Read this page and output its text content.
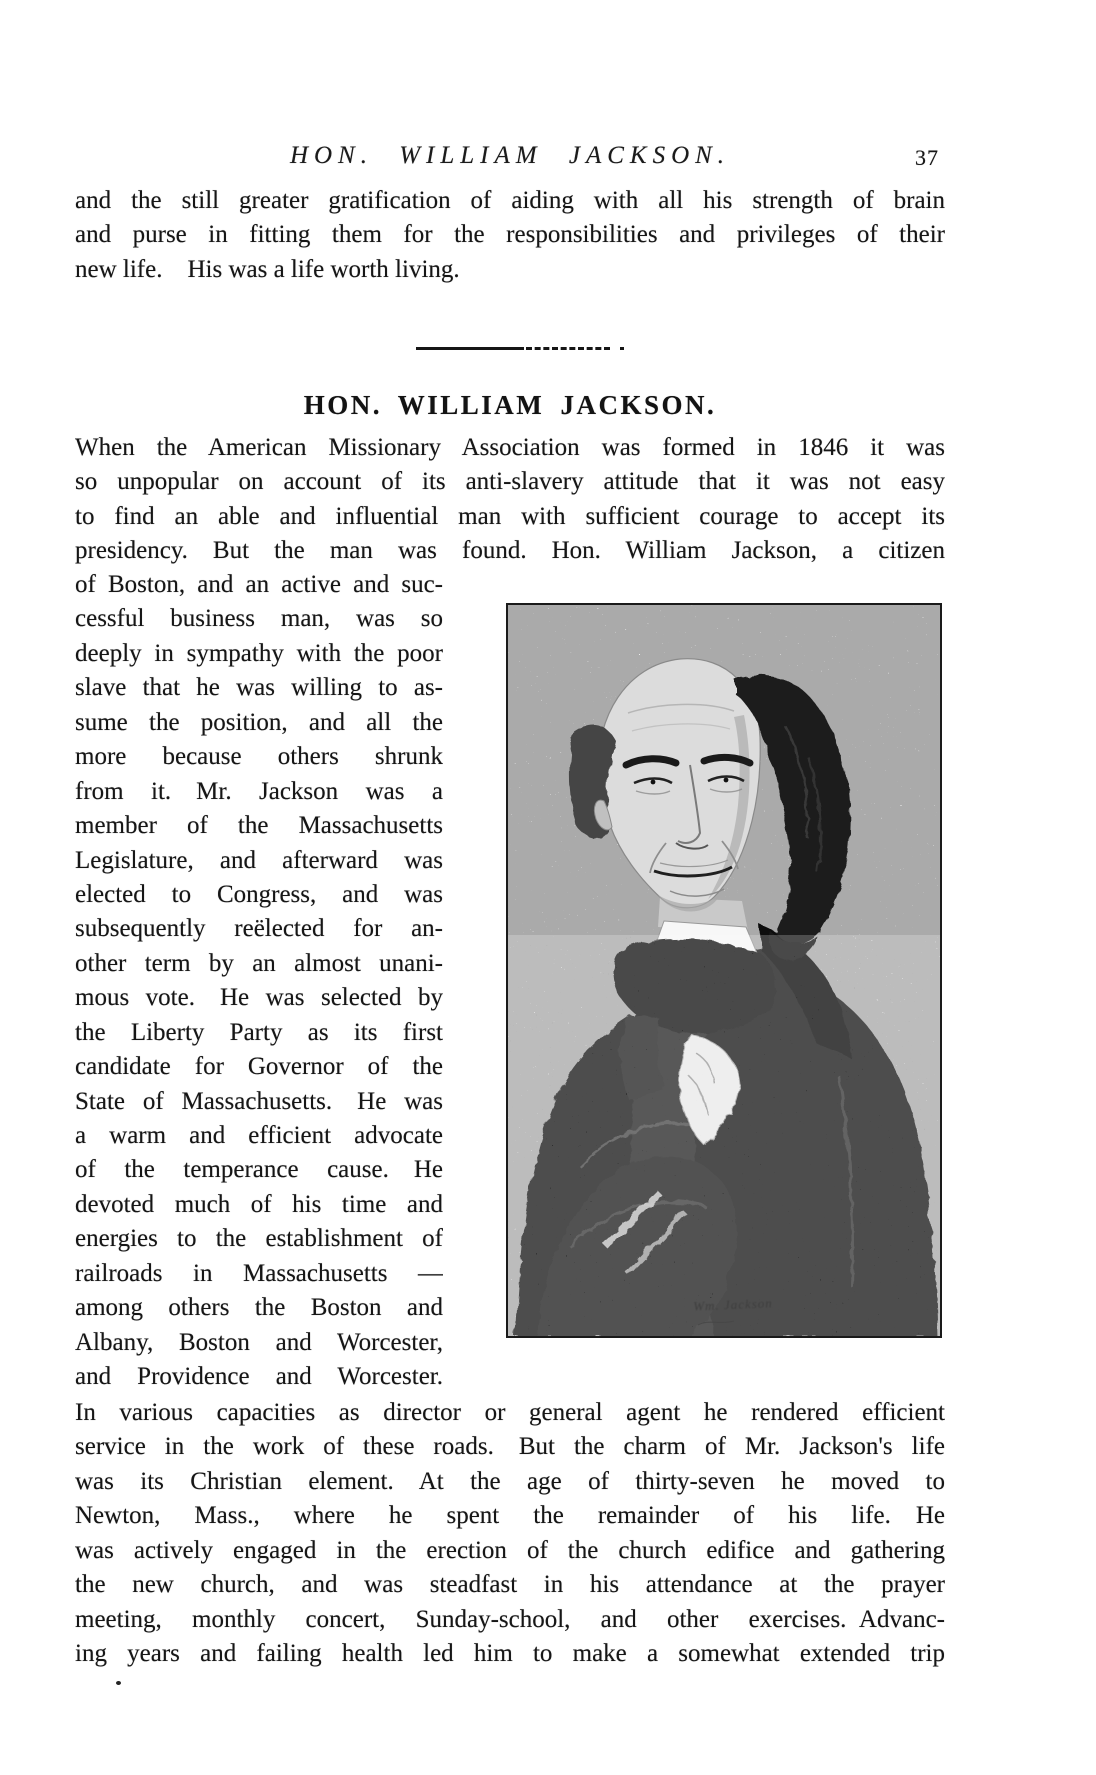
HON. WILLIAM JACKSON.	37
and the still greater gratification of aiding with all his strength of brain
and purse in fitting them for the responsibilities and privileges of their
new life.  His was a life worth living.
HON. WILLIAM JACKSON.
When the American Missionary Association was formed in 1846 it was
so unpopular on account of its anti-slavery attitude that it was not easy
to find an able and influential man with sufficient courage to accept its
presidency.  But the man was found.  Hon. William Jackson, a citizen
of Boston, and an active and suc-
cessful business man, was so
deeply in sympathy with the poor
slave that he was willing to as-
sume the position, and all the
more because others shrunk
from it.  Mr. Jackson was a
member of the Massachusetts
Legislature, and afterward was
elected to Congress, and was
subsequently reëlected for an-
other term by an almost unani-
mous vote.  He was selected by
the Liberty Party as its first
candidate for Governor of the
State of Massachusetts.  He was
a warm and efficient advocate
of the temperance cause.  He
devoted much of his time and
energies to the establishment of
railroads in Massachusetts —
among others the Boston and
Albany, Boston and Worcester,
and Providence and Worcester.
Wm. Jackson
In various capacities as director or general agent he rendered efficient
service in the work of these roads.  But the charm of Mr. Jackson's life
was its Christian element.  At the age of thirty-seven he moved to
Newton, Mass., where he spent the remainder of his life.  He
was actively engaged in the erection of the church edifice and gathering
the new church, and was steadfast in his attendance at the prayer
meeting, monthly concert, Sunday-school, and other exercises. Advanc-
ing years and failing health led him to make a somewhat extended trip
